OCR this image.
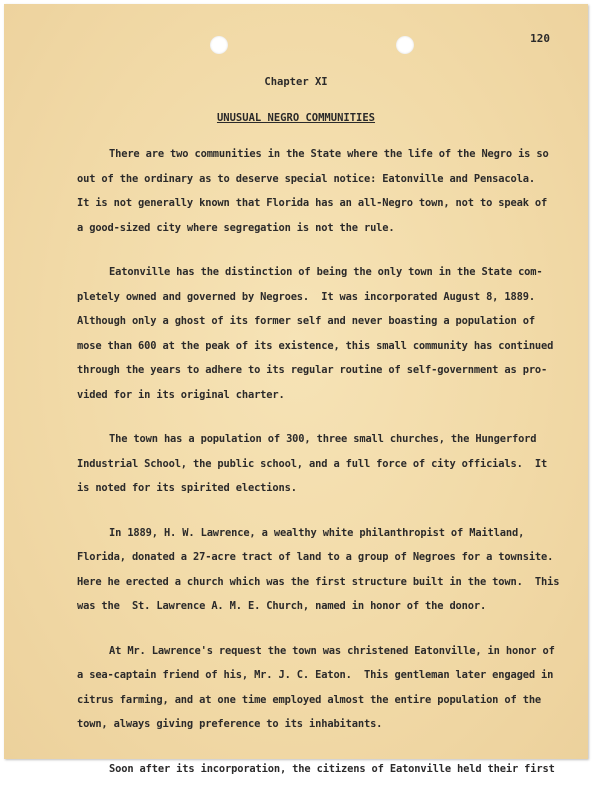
120
Chapter XI
UNUSUAL NEGRO COMMUNITIES
There are two communities in the State where the life of the Negro is so
out of the ordinary as to deserve special notice: Eatonville and Pensacola.
It is not generally known that Florida has an all-Negro town, not to speak of
a good-sized city where segregation is not the rule.
Eatonville has the distinction of being the only town in the State com-
pletely owned and governed by Negroes.  It was incorporated August 8, 1889.
Although only a ghost of its former self and never boasting a population of
mose than 600 at the peak of its existence, this small community has continued
through the years to adhere to its regular routine of self-government as pro-
vided for in its original charter.
The town has a population of 300, three small churches, the Hungerford
Industrial School, the public school, and a full force of city officials.  It
is noted for its spirited elections.
In 1889, H. W. Lawrence, a wealthy white philanthropist of Maitland,
Florida, donated a 27-acre tract of land to a group of Negroes for a townsite.
Here he erected a church which was the first structure built in the town.  This
was the  St. Lawrence A. M. E. Church, named in honor of the donor.
At Mr. Lawrence's request the town was christened Eatonville, in honor of
a sea-captain friend of his, Mr. J. C. Eaton.  This gentleman later engaged in
citrus farming, and at one time employed almost the entire population of the
town, always giving preference to its inhabitants.
Soon after its incorporation, the citizens of Eatonville held their first
